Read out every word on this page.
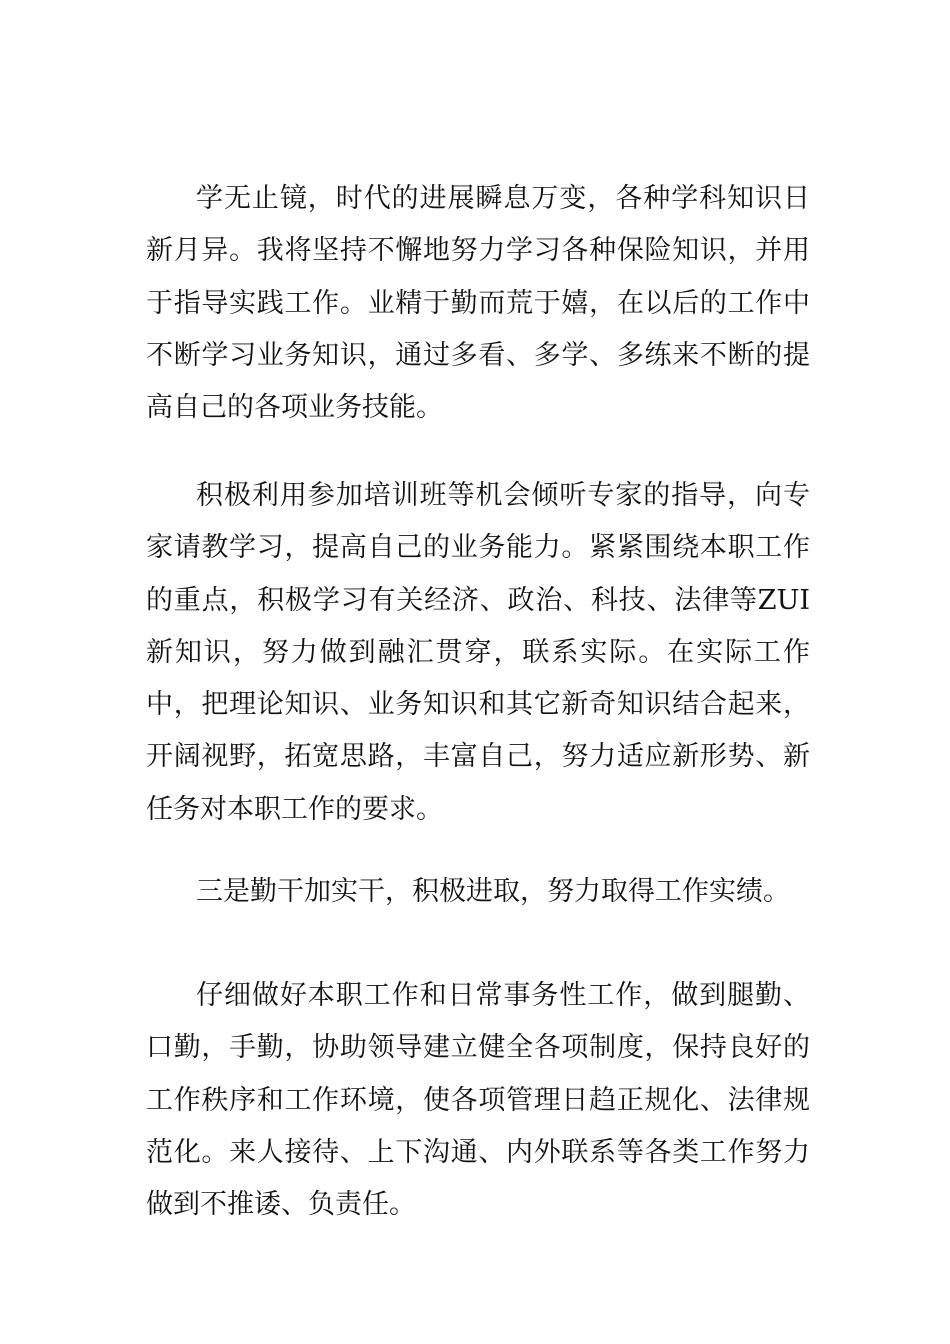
学无止镜，时代的进展瞬息万变，各种学科知识日新月异。我将坚持不懈地努力学习各种保险知识，并用于指导实践工作。业精于勤而荒于嬉，在以后的工作中不断学习业务知识，通过多看、多学、多练来不断的提高自己的各项业务技能。

积极利用参加培训班等机会倾听专家的指导，向专家请教学习，提高自己的业务能力。紧紧围绕本职工作的重点，积极学习有关经济、政治、科技、法律等ZUI新知识，努力做到融汇贯穿，联系实际。在实际工作中，把理论知识、业务知识和其它新奇知识结合起来，开阔视野，拓宽思路，丰富自己，努力适应新形势、新任务对本职工作的要求。

三是勤干加实干，积极进取，努力取得工作实绩。

仔细做好本职工作和日常事务性工作，做到腿勤、口勤，手勤，协助领导建立健全各项制度，保持良好的工作秩序和工作环境，使各项管理日趋正规化、法律规范化。来人接待、上下沟通、内外联系等各类工作努力做到不推诿、负责任。
